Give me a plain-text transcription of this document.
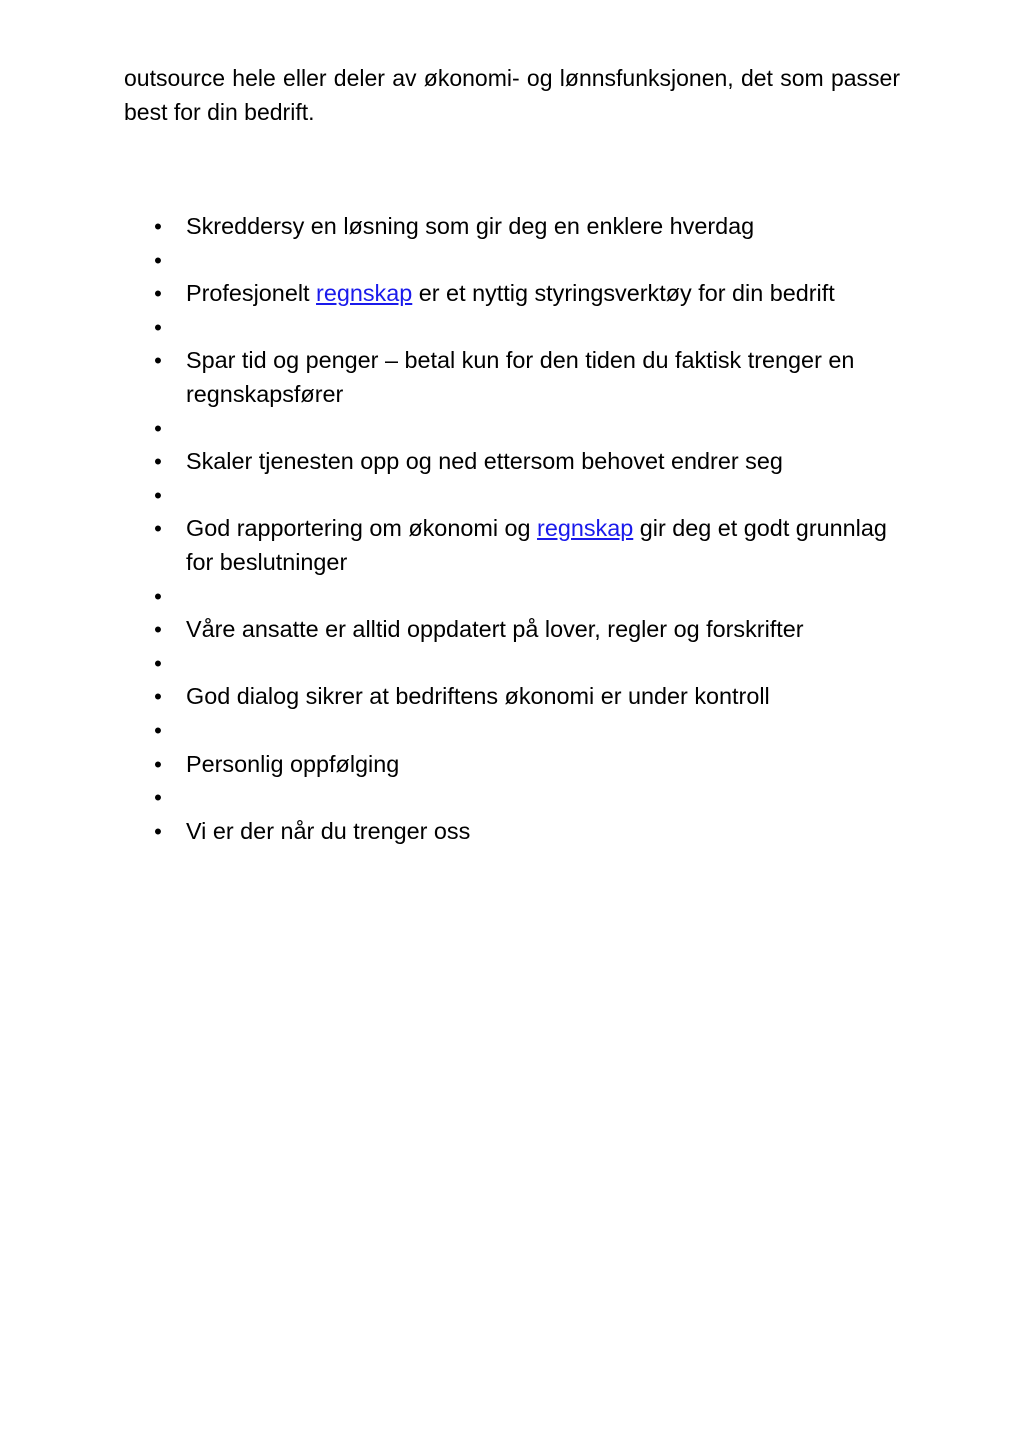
outsource hele eller deler av økonomi- og lønnsfunksjonen, det som passer best for din bedrift.

• Skreddersy en løsning som gir deg en enklere hverdag
•
• Profesjonelt regnskap er et nyttig styringsverktøy for din bedrift
•
• Spar tid og penger – betal kun for den tiden du faktisk trenger en regnskapsfører
•
• Skaler tjenesten opp og ned ettersom behovet endrer seg
•
• God rapportering om økonomi og regnskap gir deg et godt grunnlag for beslutninger
•
• Våre ansatte er alltid oppdatert på lover, regler og forskrifter
•
• God dialog sikrer at bedriftens økonomi er under kontroll
•
• Personlig oppfølging
•
• Vi er der når du trenger oss
